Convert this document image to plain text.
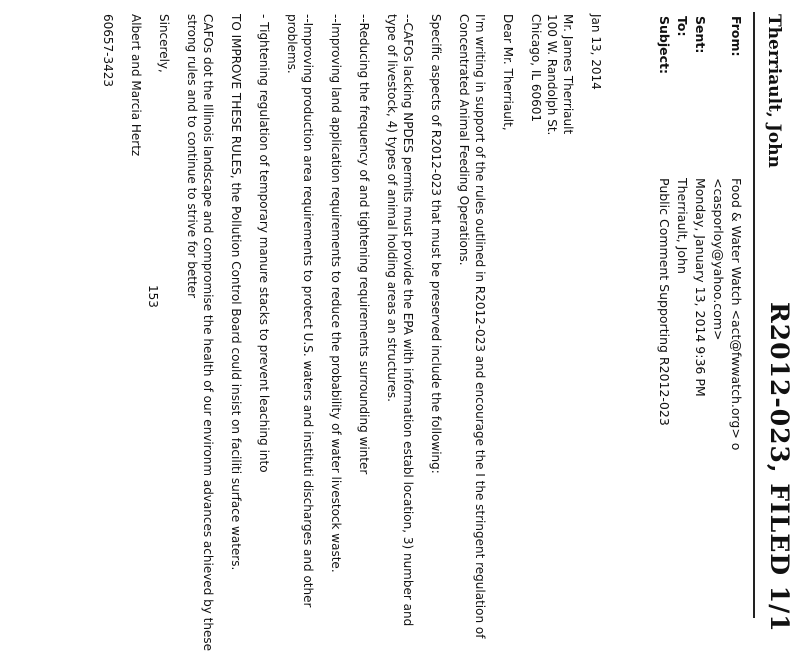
Therriault, John
R2012-023, FILED 1/1
From:
Food & Water Watch <act@fwwatch.org> o
<casporloy@yahoo.com>
Sent:
Monday, January 13, 2014 9:36 PM
To:
Therriault, John
Subject:
Public Comment Supporting R2012-023

Jan 13, 2014

Mr. James Therriault
100 W. Randolph St.
Chicago, IL 60601

Dear Mr. Therriault,

I'm writing in support of the rules outlined in R2012-023 and encourage the I the stringent regulation of Concentrated Animal Feeding Operations.

Specific aspects of R2012-023 that must be preserved include the following:

--CAFOs lacking NPDES permits must provide the EPA with information establ location, 3) number and type of livestock, 4) types of animal holding areas an structures.

--Reducing the frequency of and tightening requirements surrounding winter

--Improving land application requirements to reduce the probability of water livestock waste.

--Improving production area requirements to protect U.S. waters and instituti discharges and other problems.

- Tightening regulation of temporary manure stacks to prevent leaching into

TO IMPROVE THESE RULES, the Pollution Control Board could insist on faciliti surface waters.

CAFOs dot the Illinois landscape and compromise the health of our environm advances achieved by these strong rules and to continue to strive for better

Sincerely,

Albert and Marcia Hertz

60657-3423

153
